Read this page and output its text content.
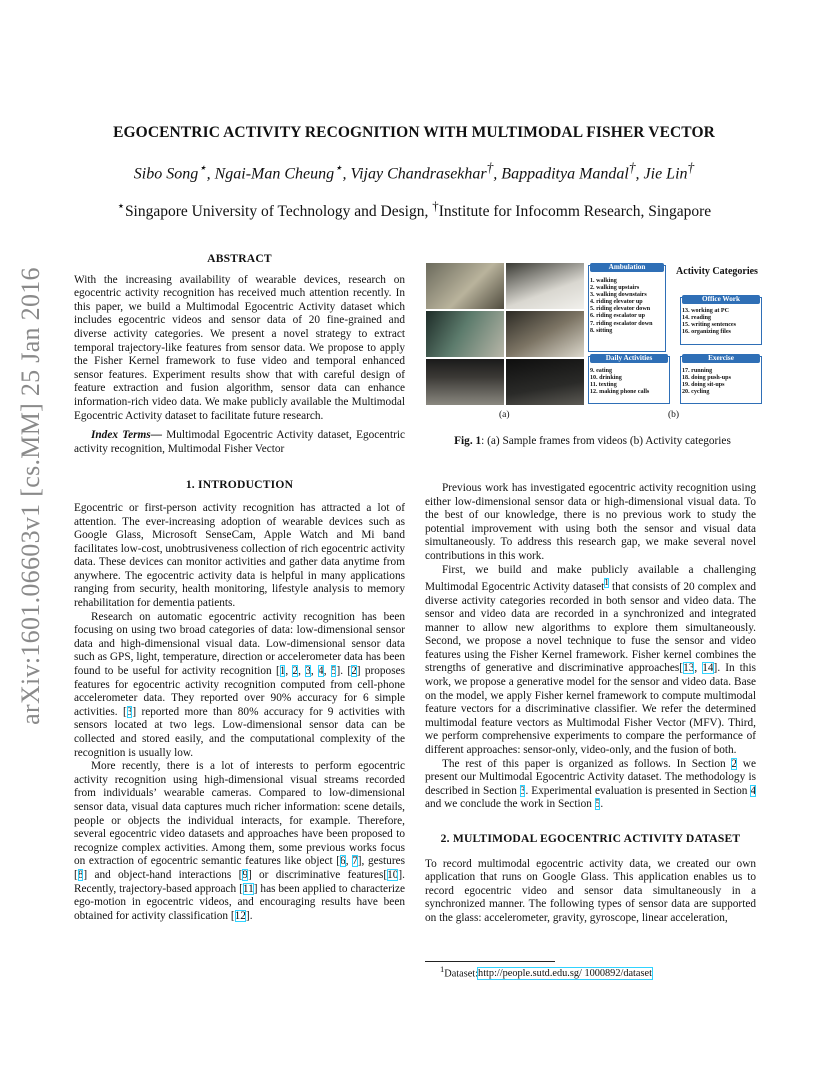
arXiv:1601.06603v1 [cs.MM] 25 Jan 2016
EGOCENTRIC ACTIVITY RECOGNITION WITH MULTIMODAL FISHER VECTOR
Sibo Song⋆, Ngai-Man Cheung⋆, Vijay Chandrasekhar†, Bappaditya Mandal†, Jie Lin†
⋆Singapore University of Technology and Design, †Institute for Infocomm Research, Singapore
ABSTRACT

With the increasing availability of wearable devices, research on egocentric activity recognition has received much attention recently. In this paper, we build a Multimodal Egocentric Activity dataset which includes egocentric videos and sensor data of 20 fine-grained and diverse activity categories. We present a novel strategy to extract temporal trajectory-like features from sensor data. We propose to apply the Fisher Kernel framework to fuse video and temporal enhanced sensor features. Experiment results show that with careful design of feature extraction and fusion algorithm, sensor data can enhance information-rich video data. We make publicly available the Multimodal Egocentric Activity dataset to facilitate future research.

Index Terms— Multimodal Egocentric Activity dataset, Egocentric activity recognition, Multimodal Fisher Vector

1. INTRODUCTION

Egocentric or first-person activity recognition has attracted a lot of attention. The ever-increasing adoption of wearable devices such as Google Glass, Microsoft SenseCam, Apple Watch and Mi band facilitates low-cost, unobtrusiveness collection of rich egocentric activity data. These devices can monitor activities and gather data anytime from anywhere. The egocentric activity data is helpful in many applications ranging from security, health monitoring, lifestyle analysis to memory rehabilitation for dementia patients.

Research on automatic egocentric activity recognition has been focusing on using two broad categories of data: low-dimensional sensor data and high-dimensional visual data. Low-dimensional sensor data such as GPS, light, temperature, direction or accelerometer data has been found to be useful for activity recognition [1, 2, 3, 4, 5]. [2] proposes features for egocentric activity recognition computed from cell-phone accelerometer data. They reported over 90% accuracy for 6 simple activities. [3] reported more than 80% accuracy for 9 activities with sensors located at two legs. Low-dimensional sensor data can be collected and stored easily, and the computational complexity of the recognition is usually low.

More recently, there is a lot of interests to perform egocentric activity recognition using high-dimensional visual streams recorded from individuals’ wearable cameras. Compared to low-dimensional sensor data, visual data captures much richer information: scene details, people or objects the individual interacts, for example. Therefore, several egocentric video datasets and approaches have been proposed to recognize complex activities. Among them, some previous works focus on extraction of egocentric semantic features like object [6, 7], gestures [8] and object-hand interactions [9] or discriminative features[10]. Recently, trajectory-based approach [11] has been applied to characterize ego-motion in egocentric videos, and encouraging results have been obtained for activity classification [12].

(a)
Ambulation
1. walking
2. walking upstairs
3. walking downstairs
4. riding elevator up
5. riding elevator down
6. riding escalator up
7. riding escalator down
8. sitting
Activity Categories
Office Work
13. working at PC
14. reading
15. writing sentences
16. organizing files
Daily Activities
9. eating
10. drinking
11. texting
12. making phone calls
Exercise
17. running
18. doing push-ups
19. doing sit-ups
20. cycling
(b)
Fig. 1: (a) Sample frames from videos (b) Activity categories

Previous work has investigated egocentric activity recognition using either low-dimensional sensor data or high-dimensional visual data. To the best of our knowledge, there is no previous work to study the potential improvement with using both the sensor and visual data simultaneously. To address this research gap, we make several novel contributions in this work.

First, we build and make publicly available a challenging Multimodal Egocentric Activity dataset$^1$ that consists of 20 complex and diverse activity categories recorded in both sensor and video data. The sensor and video data are recorded in a synchronized and integrated manner to allow new algorithms to explore them simultaneously. Second, we propose a novel technique to fuse the sensor and video features using the Fisher Kernel framework. Fisher kernel combines the strengths of generative and discriminative approaches[13, 14]. In this work, we propose a generative model for the sensor and video data. Base on the model, we apply Fisher kernel framework to compute multimodal feature vectors for a discriminative classifier. We refer the determined multimodal feature vectors as Multimodal Fisher Vector (MFV). Third, we perform comprehensive experiments to compare the performance of different approaches: sensor-only, video-only, and the fusion of both.

The rest of this paper is organized as follows. In Section 2 we present our Multimodal Egocentric Activity dataset. The methodology is described in Section 3. Experimental evaluation is presented in Section 4 and we conclude the work in Section 5.

2. MULTIMODAL EGOCENTRIC ACTIVITY DATASET

To record multimodal egocentric activity data, we created our own application that runs on Google Glass. This application enables us to record egocentric video and sensor data simultaneously in a synchronized manner. The following types of sensor data are supported on the glass: accelerometer, gravity, gyroscope, linear acceleration,

$^1$Dataset:http://people.sutd.edu.sg/ 1000892/dataset
